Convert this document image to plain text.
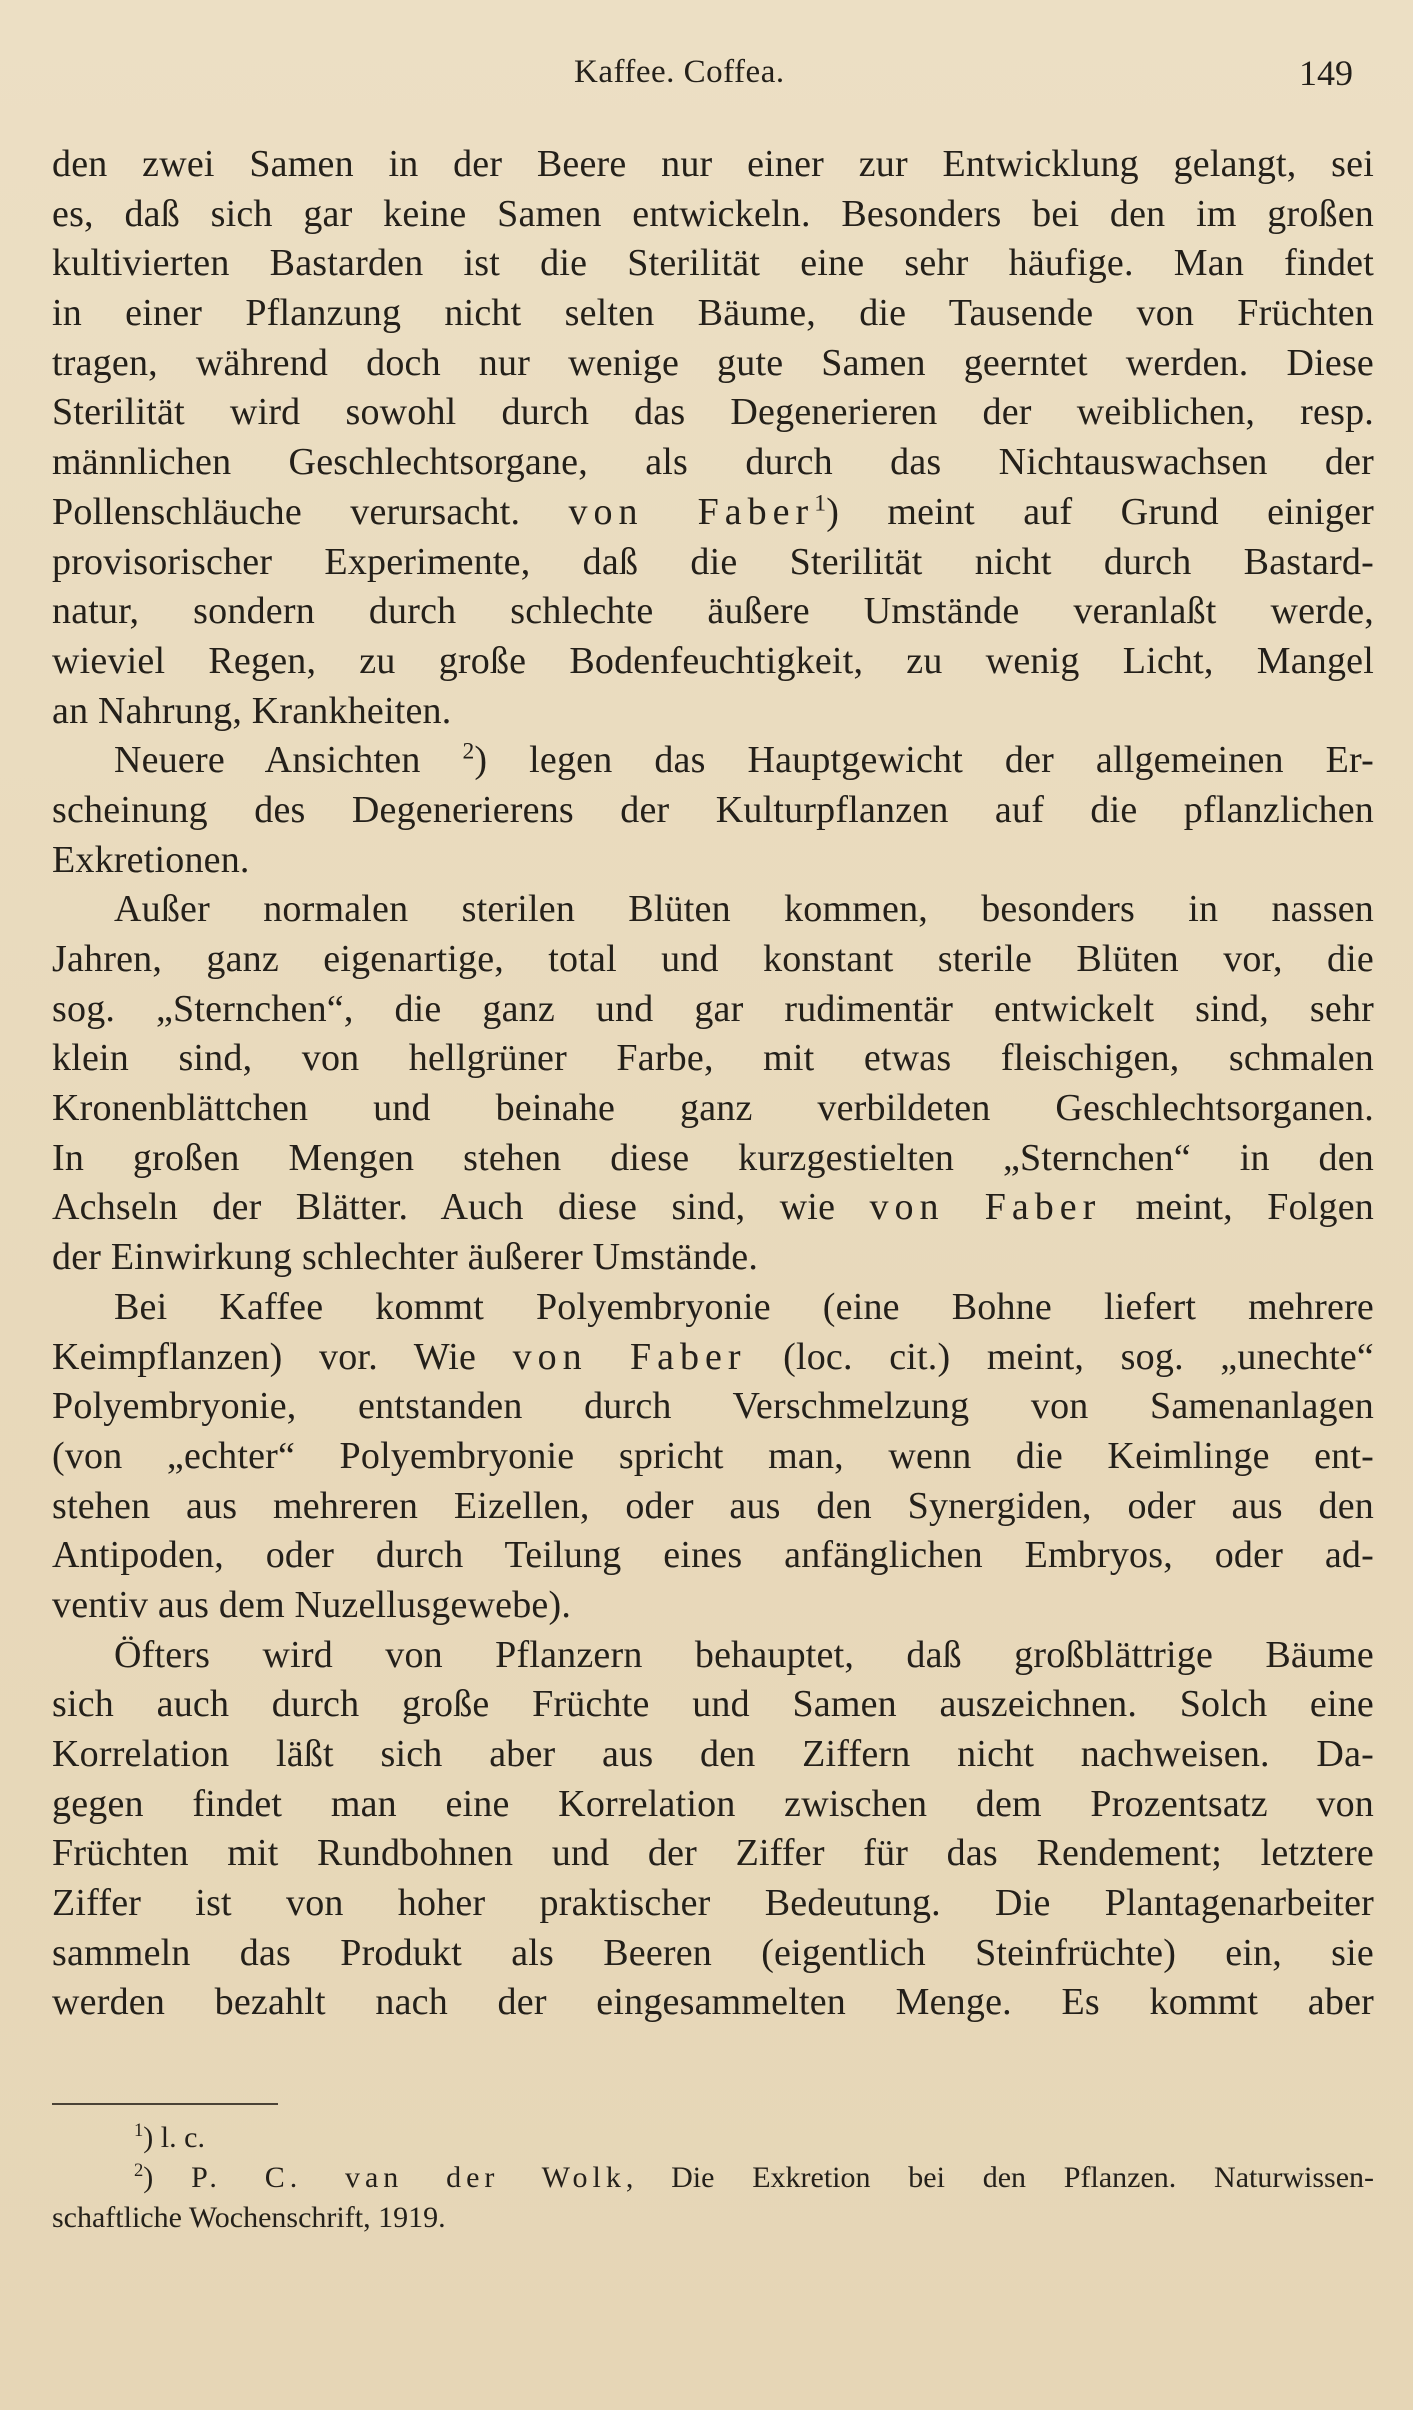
Kaffee. Coffea.	149
den zwei Samen in der Beere nur einer zur Entwicklung gelangt, sei
es, daß sich gar keine Samen entwickeln. Besonders bei den im großen
kultivierten Bastarden ist die Sterilität eine sehr häufige. Man findet
in einer Pflanzung nicht selten Bäume, die Tausende von Früchten
tragen, während doch nur wenige gute Samen geerntet werden. Diese
Sterilität wird sowohl durch das Degenerieren der weiblichen, resp.
männlichen Geschlechtsorgane, als durch das Nichtauswachsen der
Pollenschläuche verursacht. von Faber$^1$) meint auf Grund einiger
provisorischer Experimente, daß die Sterilität nicht durch Bastard-
natur, sondern durch schlechte äußere Umstände veranlaßt werde,
wieviel Regen, zu große Bodenfeuchtigkeit, zu wenig Licht, Mangel
an Nahrung, Krankheiten.
Neuere Ansichten $^2$) legen das Hauptgewicht der allgemeinen Er-
scheinung des Degenerierens der Kulturpflanzen auf die pflanzlichen
Exkretionen.
Außer normalen sterilen Blüten kommen, besonders in nassen
Jahren, ganz eigenartige, total und konstant sterile Blüten vor, die
sog. „Sternchen“, die ganz und gar rudimentär entwickelt sind, sehr
klein sind, von hellgrüner Farbe, mit etwas fleischigen, schmalen
Kronenblättchen und beinahe ganz verbildeten Geschlechtsorganen.
In großen Mengen stehen diese kurzgestielten „Sternchen“ in den
Achseln der Blätter. Auch diese sind, wie von Faber meint, Folgen
der Einwirkung schlechter äußerer Umstände.
Bei Kaffee kommt Polyembryonie (eine Bohne liefert mehrere
Keimpflanzen) vor. Wie von Faber (loc. cit.) meint, sog. „unechte“
Polyembryonie, entstanden durch Verschmelzung von Samenanlagen
(von „echter“ Polyembryonie spricht man, wenn die Keimlinge ent-
stehen aus mehreren Eizellen, oder aus den Synergiden, oder aus den
Antipoden, oder durch Teilung eines anfänglichen Embryos, oder ad-
ventiv aus dem Nuzellusgewebe).
Öfters wird von Pflanzern behauptet, daß großblättrige Bäume
sich auch durch große Früchte und Samen auszeichnen. Solch eine
Korrelation läßt sich aber aus den Ziffern nicht nachweisen. Da-
gegen findet man eine Korrelation zwischen dem Prozentsatz von
Früchten mit Rundbohnen und der Ziffer für das Rendement; letztere
Ziffer ist von hoher praktischer Bedeutung. Die Plantagenarbeiter
sammeln das Produkt als Beeren (eigentlich Steinfrüchte) ein, sie
werden bezahlt nach der eingesammelten Menge. Es kommt aber
$^1$) l. c.
$^2$) P. C. van der Wolk, Die Exkretion bei den Pflanzen. Naturwissen-
schaftliche Wochenschrift, 1919.
